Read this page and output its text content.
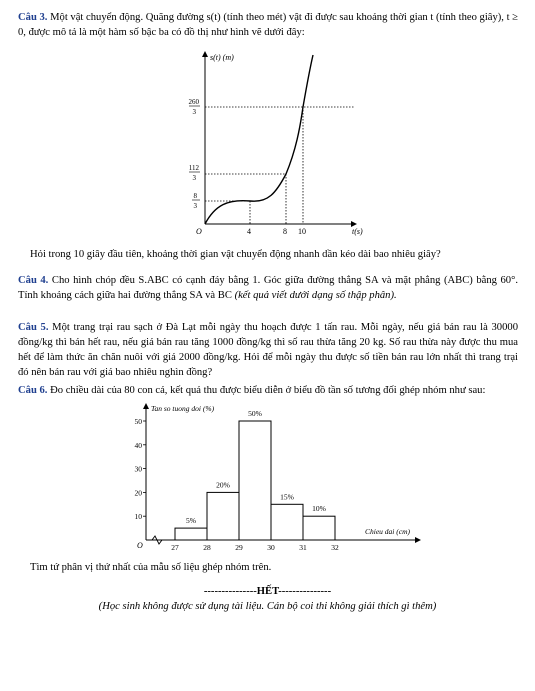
Câu 3. Một vật chuyển động. Quãng đường s(t) (tính theo mét) vật đi được sau khoảng thời gian t (tính theo giây), t ≥ 0, được mô tả là một hàm số bậc ba có đồ thị như hình vẽ dưới đây:

s(t) (m)
t(s)
O	4	8 10
260
3
112
3
8
3

Hỏi trong 10 giây đầu tiên, khoảng thời gian vật chuyển động nhanh dần kéo dài bao nhiêu giây?

Câu 4. Cho hình chóp đều S.ABC có cạnh đáy bằng 1. Góc giữa đường thẳng SA và mặt phẳng (ABC) bằng 60°. Tính khoảng cách giữa hai đường thẳng SA và BC (kết quả viết dưới dạng số thập phân).

Câu 5. Một trang trại rau sạch ở Đà Lạt mỗi ngày thu hoạch được 1 tấn rau. Mỗi ngày, nếu giá bán rau là 30000 đồng/kg thì bán hết rau, nếu giá bán rau tăng 1000 đồng/kg thì số rau thừa tăng 20 kg. Số rau thừa này được thu mua hết để làm thức ăn chăn nuôi với giá 2000 đồng/kg. Hỏi để mỗi ngày thu được số tiền bán rau lớn nhất thì trang trại đó nên bán rau với giá bao nhiêu nghìn đồng?

Câu 6. Đo chiều dài của 80 con cá, kết quả thu được biểu diễn ở biểu đồ tần số tương đối ghép nhóm như sau:

Tan so tuong doi (%)
Chieu dai (cm)
O
10
20
30
40
50
5%
20%
50%
15%
10%
27	28	29	30	31	32

Tìm tứ phân vị thứ nhất của mẫu số liệu ghép nhóm trên.

---------------HẾT---------------
(Học sinh không được sử dụng tài liệu. Cán bộ coi thi không giải thích gì thêm)
